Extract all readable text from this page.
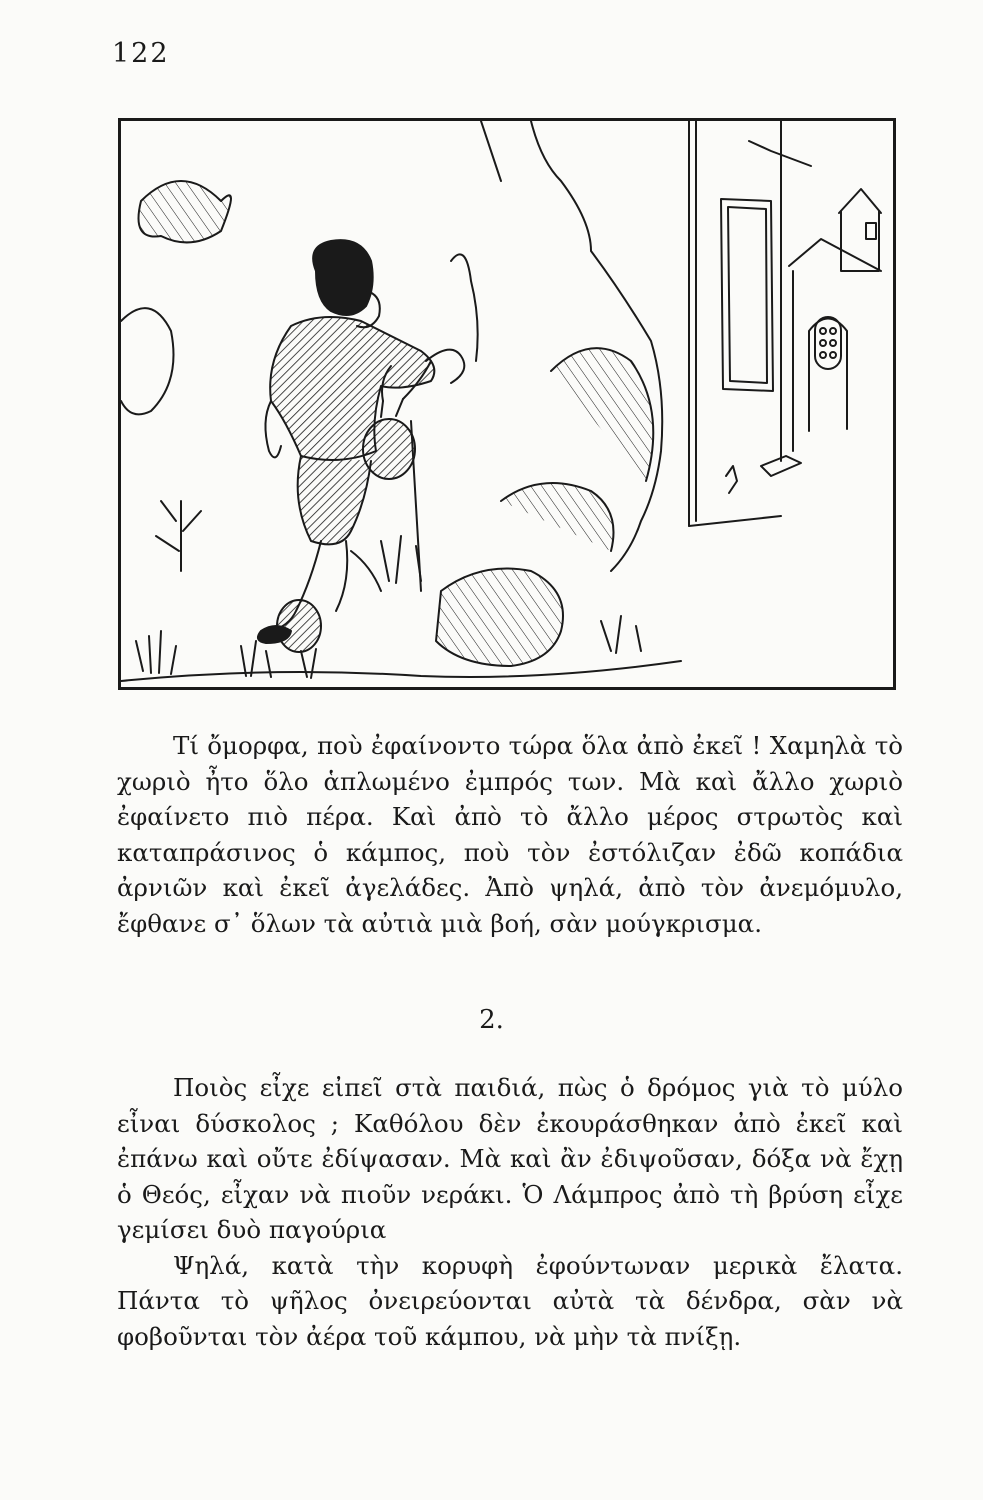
122

Τί ὄμορφα, ποὺ ἐφαίνοντο τώρα ὅλα ἀπὸ ἐκεῖ ! Χαμηλὰ τὸ χωριὸ ἦτο ὅλο ἁπλωμένο ἐμπρός των. Μὰ καὶ ἄλλο χωριὸ ἐφαίνετο πιὸ πέρα. Καὶ ἀπὸ τὸ ἄλλο μέρος στρωτὸς καὶ καταπράσινος ὁ κάμπος, ποὺ τὸν ἐστόλιζαν ἐδῶ κοπάδια ἀρνιῶν καὶ ἐκεῖ ἀγελάδες. Ἀπὸ ψηλά, ἀπὸ τὸν ἀνεμόμυλο, ἔφθανε σ᾽ ὅλων τὰ αὐτιὰ μιὰ βοή, σὰν μούγκρισμα.

2.

Ποιὸς εἶχε εἰπεῖ στὰ παιδιά, πὼς ὁ δρόμος γιὰ τὸ μύλο εἶναι δύσκολος ; Καθόλου δὲν ἐκουράσθηκαν ἀπὸ ἐκεῖ καὶ ἐπάνω καὶ οὔτε ἐδίψασαν. Μὰ καὶ ἂν ἐδιψοῦσαν, δόξα νὰ ἔχῃ ὁ Θεός, εἶχαν νὰ πιοῦν νεράκι. Ὁ Λάμπρος ἀπὸ τὴ βρύση εἶχε γεμίσει δυὸ παγούρια

Ψηλά, κατὰ τὴν κορυφὴ ἐφούντωναν μερικὰ ἔλατα. Πάντα τὸ ψῆλος ὀνειρεύονται αὐτὰ τὰ δένδρα, σὰν νὰ φοβοῦνται τὸν ἀέρα τοῦ κάμπου, νὰ μὴν τὰ πνίξῃ.
